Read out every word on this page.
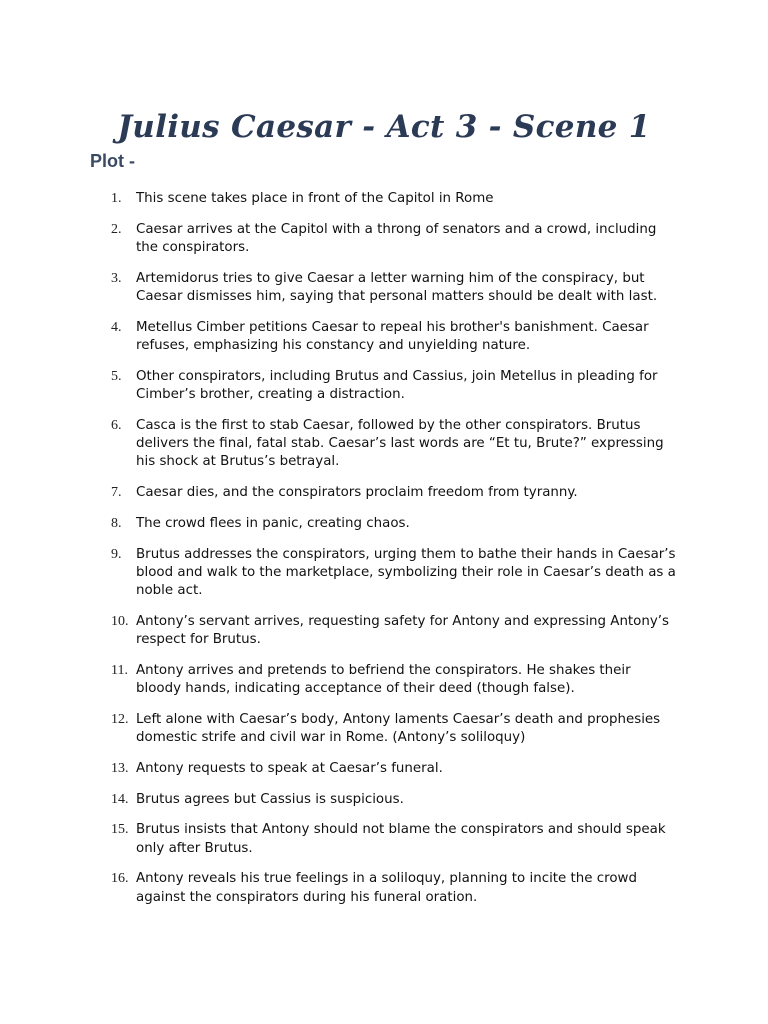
Julius Caesar - Act 3 - Scene 1
Plot -
1. This scene takes place in front of the Capitol in Rome
2. Caesar arrives at the Capitol with a throng of senators and a crowd, including the conspirators.
3. Artemidorus tries to give Caesar a letter warning him of the conspiracy, but Caesar dismisses him, saying that personal matters should be dealt with last.
4. Metellus Cimber petitions Caesar to repeal his brother's banishment. Caesar refuses, emphasizing his constancy and unyielding nature.
5. Other conspirators, including Brutus and Cassius, join Metellus in pleading for Cimber’s brother, creating a distraction.
6. Casca is the first to stab Caesar, followed by the other conspirators. Brutus delivers the final, fatal stab. Caesar’s last words are “Et tu, Brute?” expressing his shock at Brutus’s betrayal.
7. Caesar dies, and the conspirators proclaim freedom from tyranny.
8. The crowd flees in panic, creating chaos.
9. Brutus addresses the conspirators, urging them to bathe their hands in Caesar’s blood and walk to the marketplace, symbolizing their role in Caesar’s death as a noble act.
10. Antony’s servant arrives, requesting safety for Antony and expressing Antony’s respect for Brutus.
11. Antony arrives and pretends to befriend the conspirators. He shakes their bloody hands, indicating acceptance of their deed (though false).
12. Left alone with Caesar’s body, Antony laments Caesar’s death and prophesies domestic strife and civil war in Rome. (Antony’s soliloquy)
13. Antony requests to speak at Caesar’s funeral.
14. Brutus agrees but Cassius is suspicious.
15. Brutus insists that Antony should not blame the conspirators and should speak only after Brutus.
16. Antony reveals his true feelings in a soliloquy, planning to incite the crowd against the conspirators during his funeral oration.
